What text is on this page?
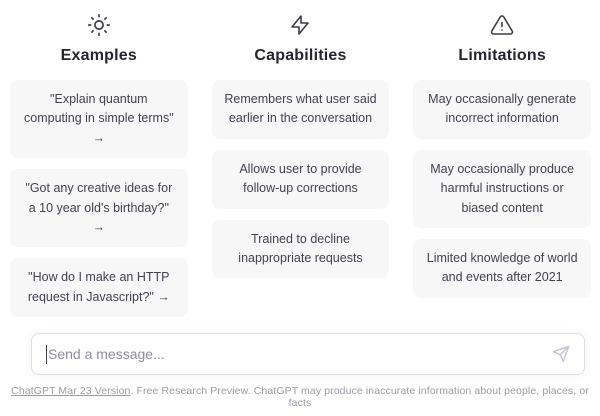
Examples
"Explain quantum computing in simple terms" →
"Got any creative ideas for a 10 year old's birthday?" →
"How do I make an HTTP request in Javascript?" →
Capabilities
Remembers what user said earlier in the conversation
Allows user to provide follow-up corrections
Trained to decline inappropriate requests
Limitations
May occasionally generate incorrect information
May occasionally produce harmful instructions or biased content
Limited knowledge of world and events after 2021
Send a message...
ChatGPT Mar 23 Version. Free Research Preview. ChatGPT may produce inaccurate information about people, places, or facts
